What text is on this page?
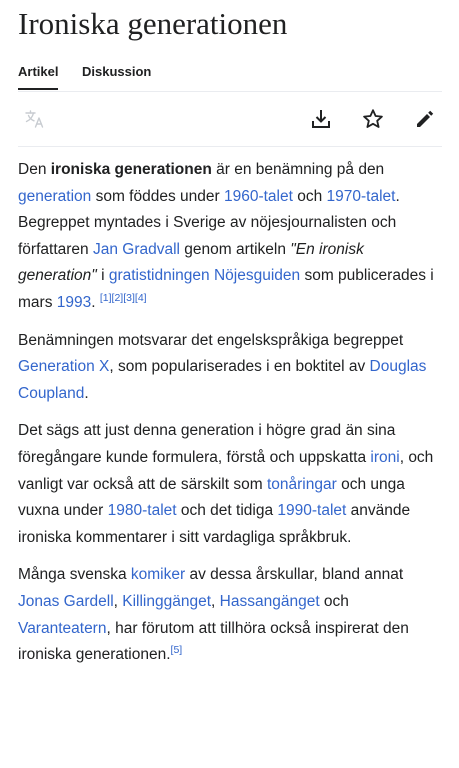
Ironiska generationen
Artikel Diskussion

Den ironiska generationen är en benämning på den generation som föddes under 1960-talet och 1970-talet. Begreppet myntades i Sverige av nöjesjournalisten och författaren Jan Gradvall genom artikeln "En ironisk generation" i gratistidningen Nöjesguiden som publicerades i mars 1993. [1][2][3][4]

Benämningen motsvarar det engelskspråkiga begreppet Generation X, som populariserades i en boktitel av Douglas Coupland.

Det sägs att just denna generation i högre grad än sina föregångare kunde formulera, förstå och uppskatta ironi, och vanligt var också att de särskilt som tonåringar och unga vuxna under 1980-talet och det tidiga 1990-talet använde ironiska kommentarer i sitt vardagliga språkbruk.

Många svenska komiker av dessa årskullar, bland annat Jonas Gardell, Killinggänget, Hassangänget och Varanteatern, har förutom att tillhöra också inspirerat den ironiska generationen.[5]
